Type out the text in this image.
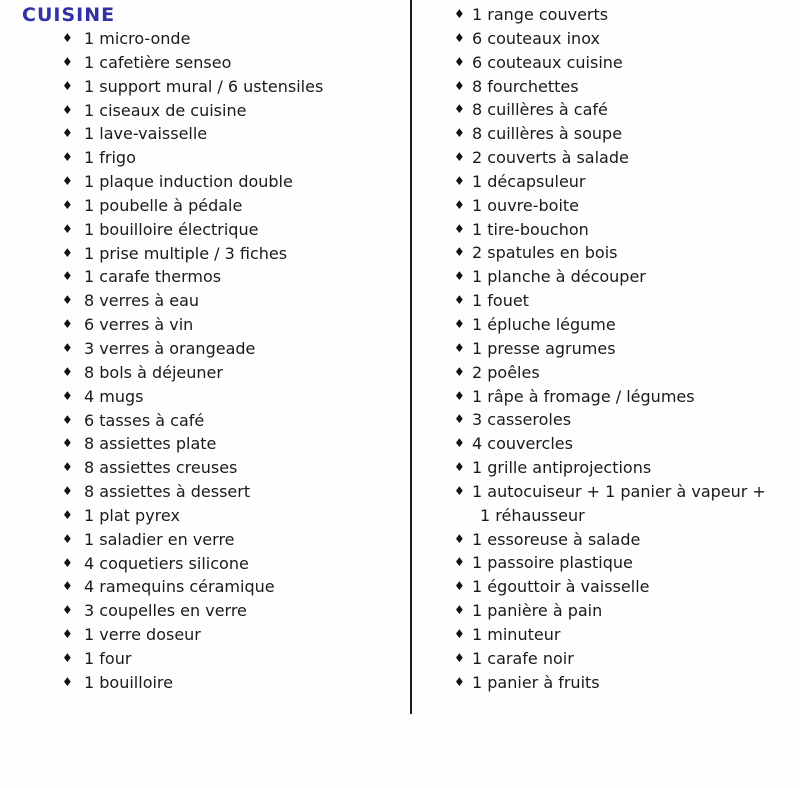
CUISINE
♦ 1 micro-onde
♦ 1 cafetière senseo
♦ 1 support mural / 6 ustensiles
♦ 1 ciseaux de cuisine
♦ 1 lave-vaisselle
♦ 1 frigo
♦ 1 plaque induction double
♦ 1 poubelle à pédale
♦ 1 bouilloire électrique
♦ 1 prise multiple / 3 fiches
♦ 1 carafe thermos
♦ 8 verres à eau
♦ 6 verres à vin
♦ 3 verres à orangeade
♦ 8 bols à déjeuner
♦ 4 mugs
♦ 6 tasses à café
♦ 8 assiettes plate
♦ 8 assiettes creuses
♦ 8 assiettes à dessert
♦ 1 plat pyrex
♦ 1 saladier en verre
♦ 4 coquetiers silicone
♦ 4 ramequins céramique
♦ 3 coupelles en verre
♦ 1 verre doseur
♦ 1 four
♦ 1 bouilloire
♦ 1 range couverts
♦ 6 couteaux inox
♦ 6 couteaux cuisine
♦ 8 fourchettes
♦ 8 cuillères à café
♦ 8 cuillères à soupe
♦ 2 couverts à salade
♦ 1 décapsuleur
♦ 1 ouvre-boite
♦ 1 tire-bouchon
♦ 2 spatules en bois
♦ 1 planche à découper
♦ 1 fouet
♦ 1 épluche légume
♦ 1 presse agrumes
♦ 2 poêles
♦ 1 râpe à fromage / légumes
♦ 3 casseroles
♦ 4 couvercles
♦ 1 grille antiprojections
♦ 1 autocuiseur + 1 panier à vapeur + 1 réhausseur
♦ 1 essoreuse à salade
♦ 1 passoire plastique
♦ 1 égouttoir à vaisselle
♦ 1 panière à pain
♦ 1 minuteur
♦ 1 carafe noir
♦ 1 panier à fruits
